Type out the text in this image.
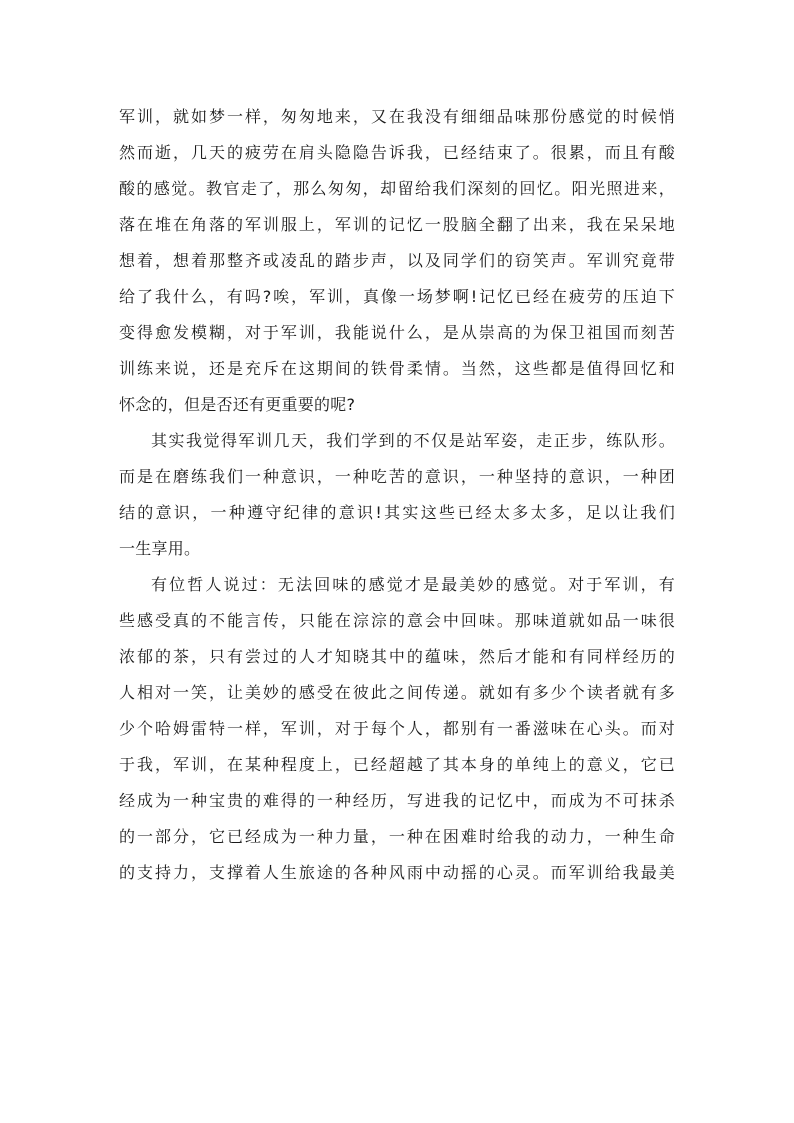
军训，就如梦一样，匆匆地来，又在我没有细细品味那份感觉的时候悄
然而逝，几天的疲劳在肩头隐隐告诉我，已经结束了。很累，而且有酸
酸的感觉。教官走了，那么匆匆，却留给我们深刻的回忆。阳光照进来，
落在堆在角落的军训服上，军训的记忆一股脑全翻了出来，我在呆呆地
想着，想着那整齐或凌乱的踏步声，以及同学们的窃笑声。军训究竟带
给了我什么，有吗?唉，军训，真像一场梦啊!记忆已经在疲劳的压迫下
变得愈发模糊，对于军训，我能说什么，是从崇高的为保卫祖国而刻苦
训练来说，还是充斥在这期间的铁骨柔情。当然，这些都是值得回忆和
怀念的，但是否还有更重要的呢?
其实我觉得军训几天，我们学到的不仅是站军姿，走正步，练队形。
而是在磨练我们一种意识，一种吃苦的意识，一种坚持的意识，一种团
结的意识，一种遵守纪律的意识!其实这些已经太多太多，足以让我们
一生享用。
有位哲人说过：无法回味的感觉才是最美妙的感觉。对于军训，有
些感受真的不能言传，只能在淙淙的意会中回味。那味道就如品一味很
浓郁的茶，只有尝过的人才知晓其中的蕴味，然后才能和有同样经历的
人相对一笑，让美妙的感受在彼此之间传递。就如有多少个读者就有多
少个哈姆雷特一样，军训，对于每个人，都别有一番滋味在心头。而对
于我，军训，在某种程度上，已经超越了其本身的单纯上的意义，它已
经成为一种宝贵的难得的一种经历，写进我的记忆中，而成为不可抹杀
的一部分，它已经成为一种力量，一种在困难时给我的动力，一种生命
的支持力，支撑着人生旅途的各种风雨中动摇的心灵。而军训给我最美
